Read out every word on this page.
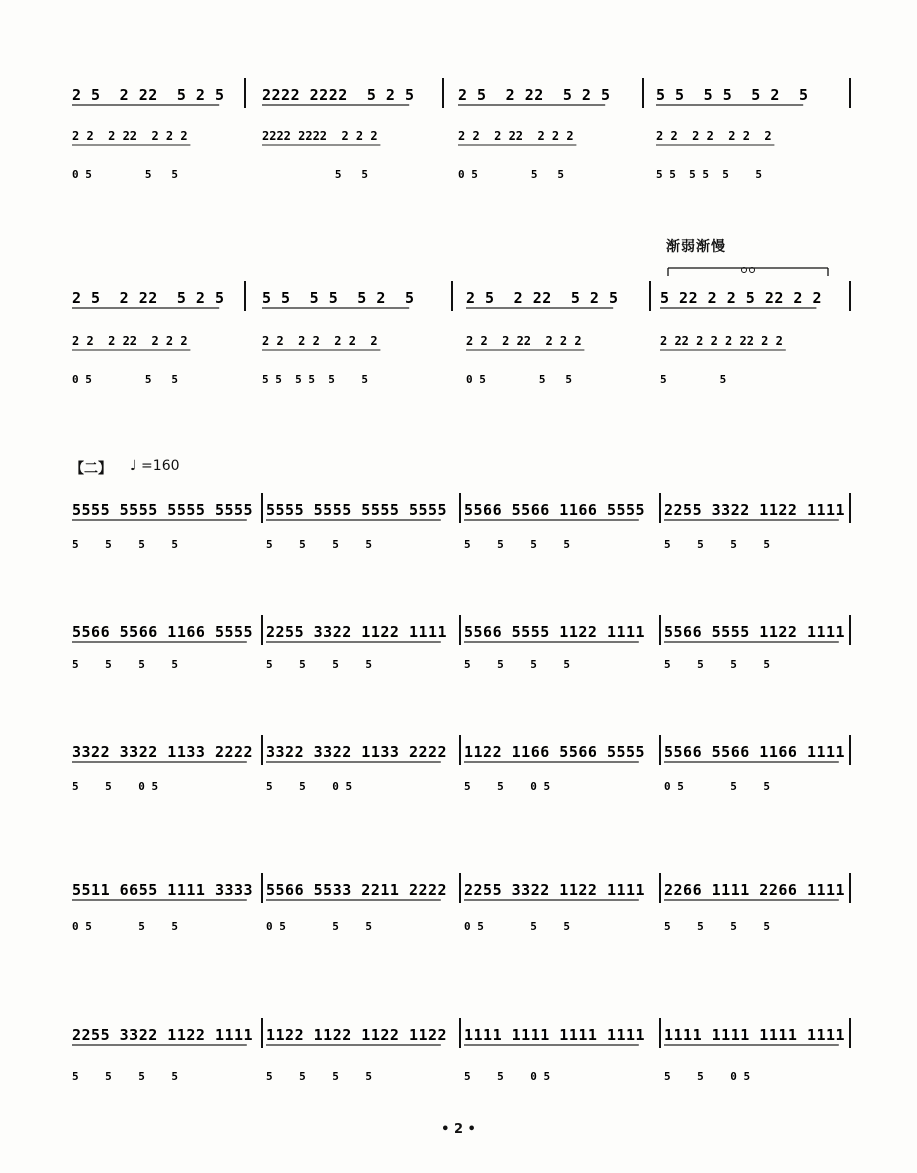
2 5  2 22  5 2 5
2 2  2 22  2 2 2
0 5        5   5
2222 2222  5 2 5
2222 2222  2 2 2
5   5
2 5  2 22  5 2 5
2 2  2 22  2 2 2
0 5        5   5
5 5  5 5  5 2  5
2 2  2 2  2 2  2
5 5  5 5  5    5
2 5  2 22  5 2 5
2 2  2 22  2 2 2
0 5        5   5
5 5  5 5  5 2  5
2 2  2 2  2 2  2
5 5  5 5  5    5
2 5  2 22  5 2 5
2 2  2 22  2 2 2
0 5        5   5
5 22 2 2 5 22 2 2
2 22 2 2 2 22 2 2
5        5
5555 5555 5555 5555
5    5    5    5
5555 5555 5555 5555
5    5    5    5
5566 5566 1166 5555
5    5    5    5
2255 3322 1122 1111
5    5    5    5
5566 5566 1166 5555
5    5    5    5
2255 3322 1122 1111
5    5    5    5
5566 5555 1122 1111
5    5    5    5
5566 5555 1122 1111
5    5    5    5
3322 3322 1133 2222
5    5    0 5
3322 3322 1133 2222
5    5    0 5
1122 1166 5566 5555
5    5    0 5
5566 5566 1166 1111
0 5       5    5
5511 6655 1111 3333
0 5       5    5
5566 5533 2211 2222
0 5       5    5
2255 3322 1122 1111
0 5       5    5
2266 1111 2266 1111
5    5    5    5
2255 3322 1122 1111
5    5    5    5
1122 1122 1122 1122
5    5    5    5
1111 1111 1111 1111
5    5    0 5
1111 1111 1111 1111
5    5    0 5
渐弱渐慢
【二】 ♩ =160
• 2 •
